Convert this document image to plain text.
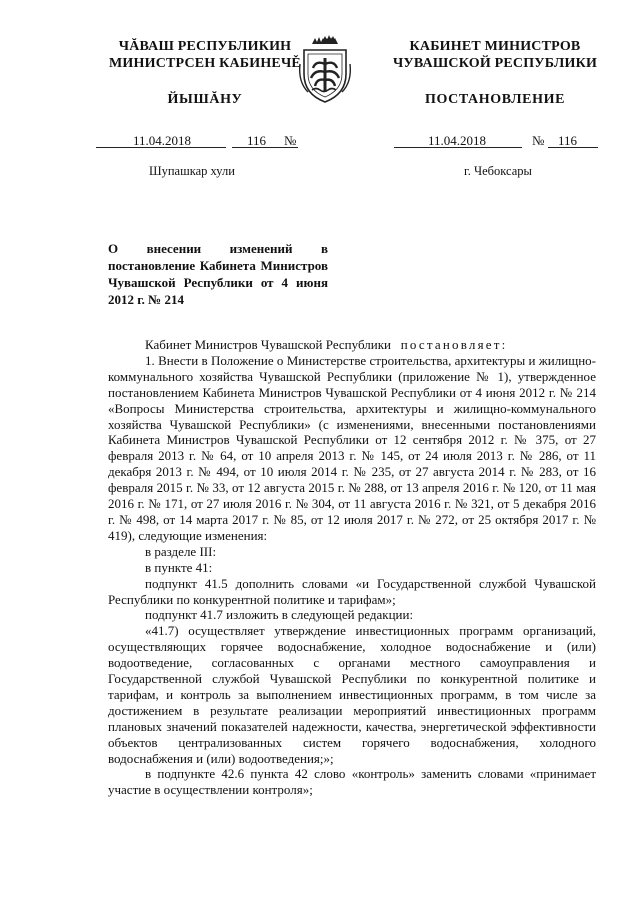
ЧĂВАШ РЕСПУБЛИКИН
МИНИСТРСЕН КАБИНЕЧĚ
ЙЫШĂНУ
КАБИНЕТ МИНИСТРОВ
ЧУВАШСКОЙ РЕСПУБЛИКИ
ПОСТАНОВЛЕНИЕ
11.04.2018	116 №	11.04.2018	№ 116
Шупашкар хули	г. Чебоксары
О внесении изменений в постановление Кабинета Министров Чувашской Республики от 4 июня 2012 г. № 214

Кабинет Министров Чувашской Республики постановляет:

1. Внести в Положение о Министерстве строительства, архитектуры и жилищно-коммунального хозяйства Чувашской Республики (приложение № 1), утвержденное постановлением Кабинета Министров Чувашской Республики от 4 июня 2012 г. № 214 «Вопросы Министерства строительства, архитектуры и жилищно-коммунального хозяйства Чувашской Республики» (с изменениями, внесенными постановлениями Кабинета Министров Чувашской Республики от 12 сентября 2012 г. № 375, от 27 февраля 2013 г. № 64, от 10 апреля 2013 г. № 145, от 24 июля 2013 г. № 286, от 11 декабря 2013 г. № 494, от 10 июля 2014 г. № 235, от 27 августа 2014 г. № 283, от 16 февраля 2015 г. № 33, от 12 августа 2015 г. № 288, от 13 апреля 2016 г. № 120, от 11 мая 2016 г. № 171, от 27 июля 2016 г. № 304, от 11 августа 2016 г. № 321, от 5 декабря 2016 г. № 498, от 14 марта 2017 г. № 85, от 12 июля 2017 г. № 272, от 25 октября 2017 г. № 419), следующие изменения:

в разделе III:

в пункте 41:

подпункт 41.5 дополнить словами «и Государственной службой Чувашской Республики по конкурентной политике и тарифам»;

подпункт 41.7 изложить в следующей редакции:

«41.7) осуществляет утверждение инвестиционных программ организаций, осуществляющих горячее водоснабжение, холодное водоснабжение и (или) водоотведение, согласованных с органами местного самоуправления и Государственной службой Чувашской Республики по конкурентной политике и тарифам, и контроль за выполнением инвестиционных программ, в том числе за достижением в результате реализации мероприятий инвестиционных программ плановых значений показателей надежности, качества, энергетической эффективности объектов централизованных систем горячего водоснабжения, холодного водоснабжения и (или) водоотведения;»;

в подпункте 42.6 пункта 42 слово «контроль» заменить словами «принимает участие в осуществлении контроля»;
